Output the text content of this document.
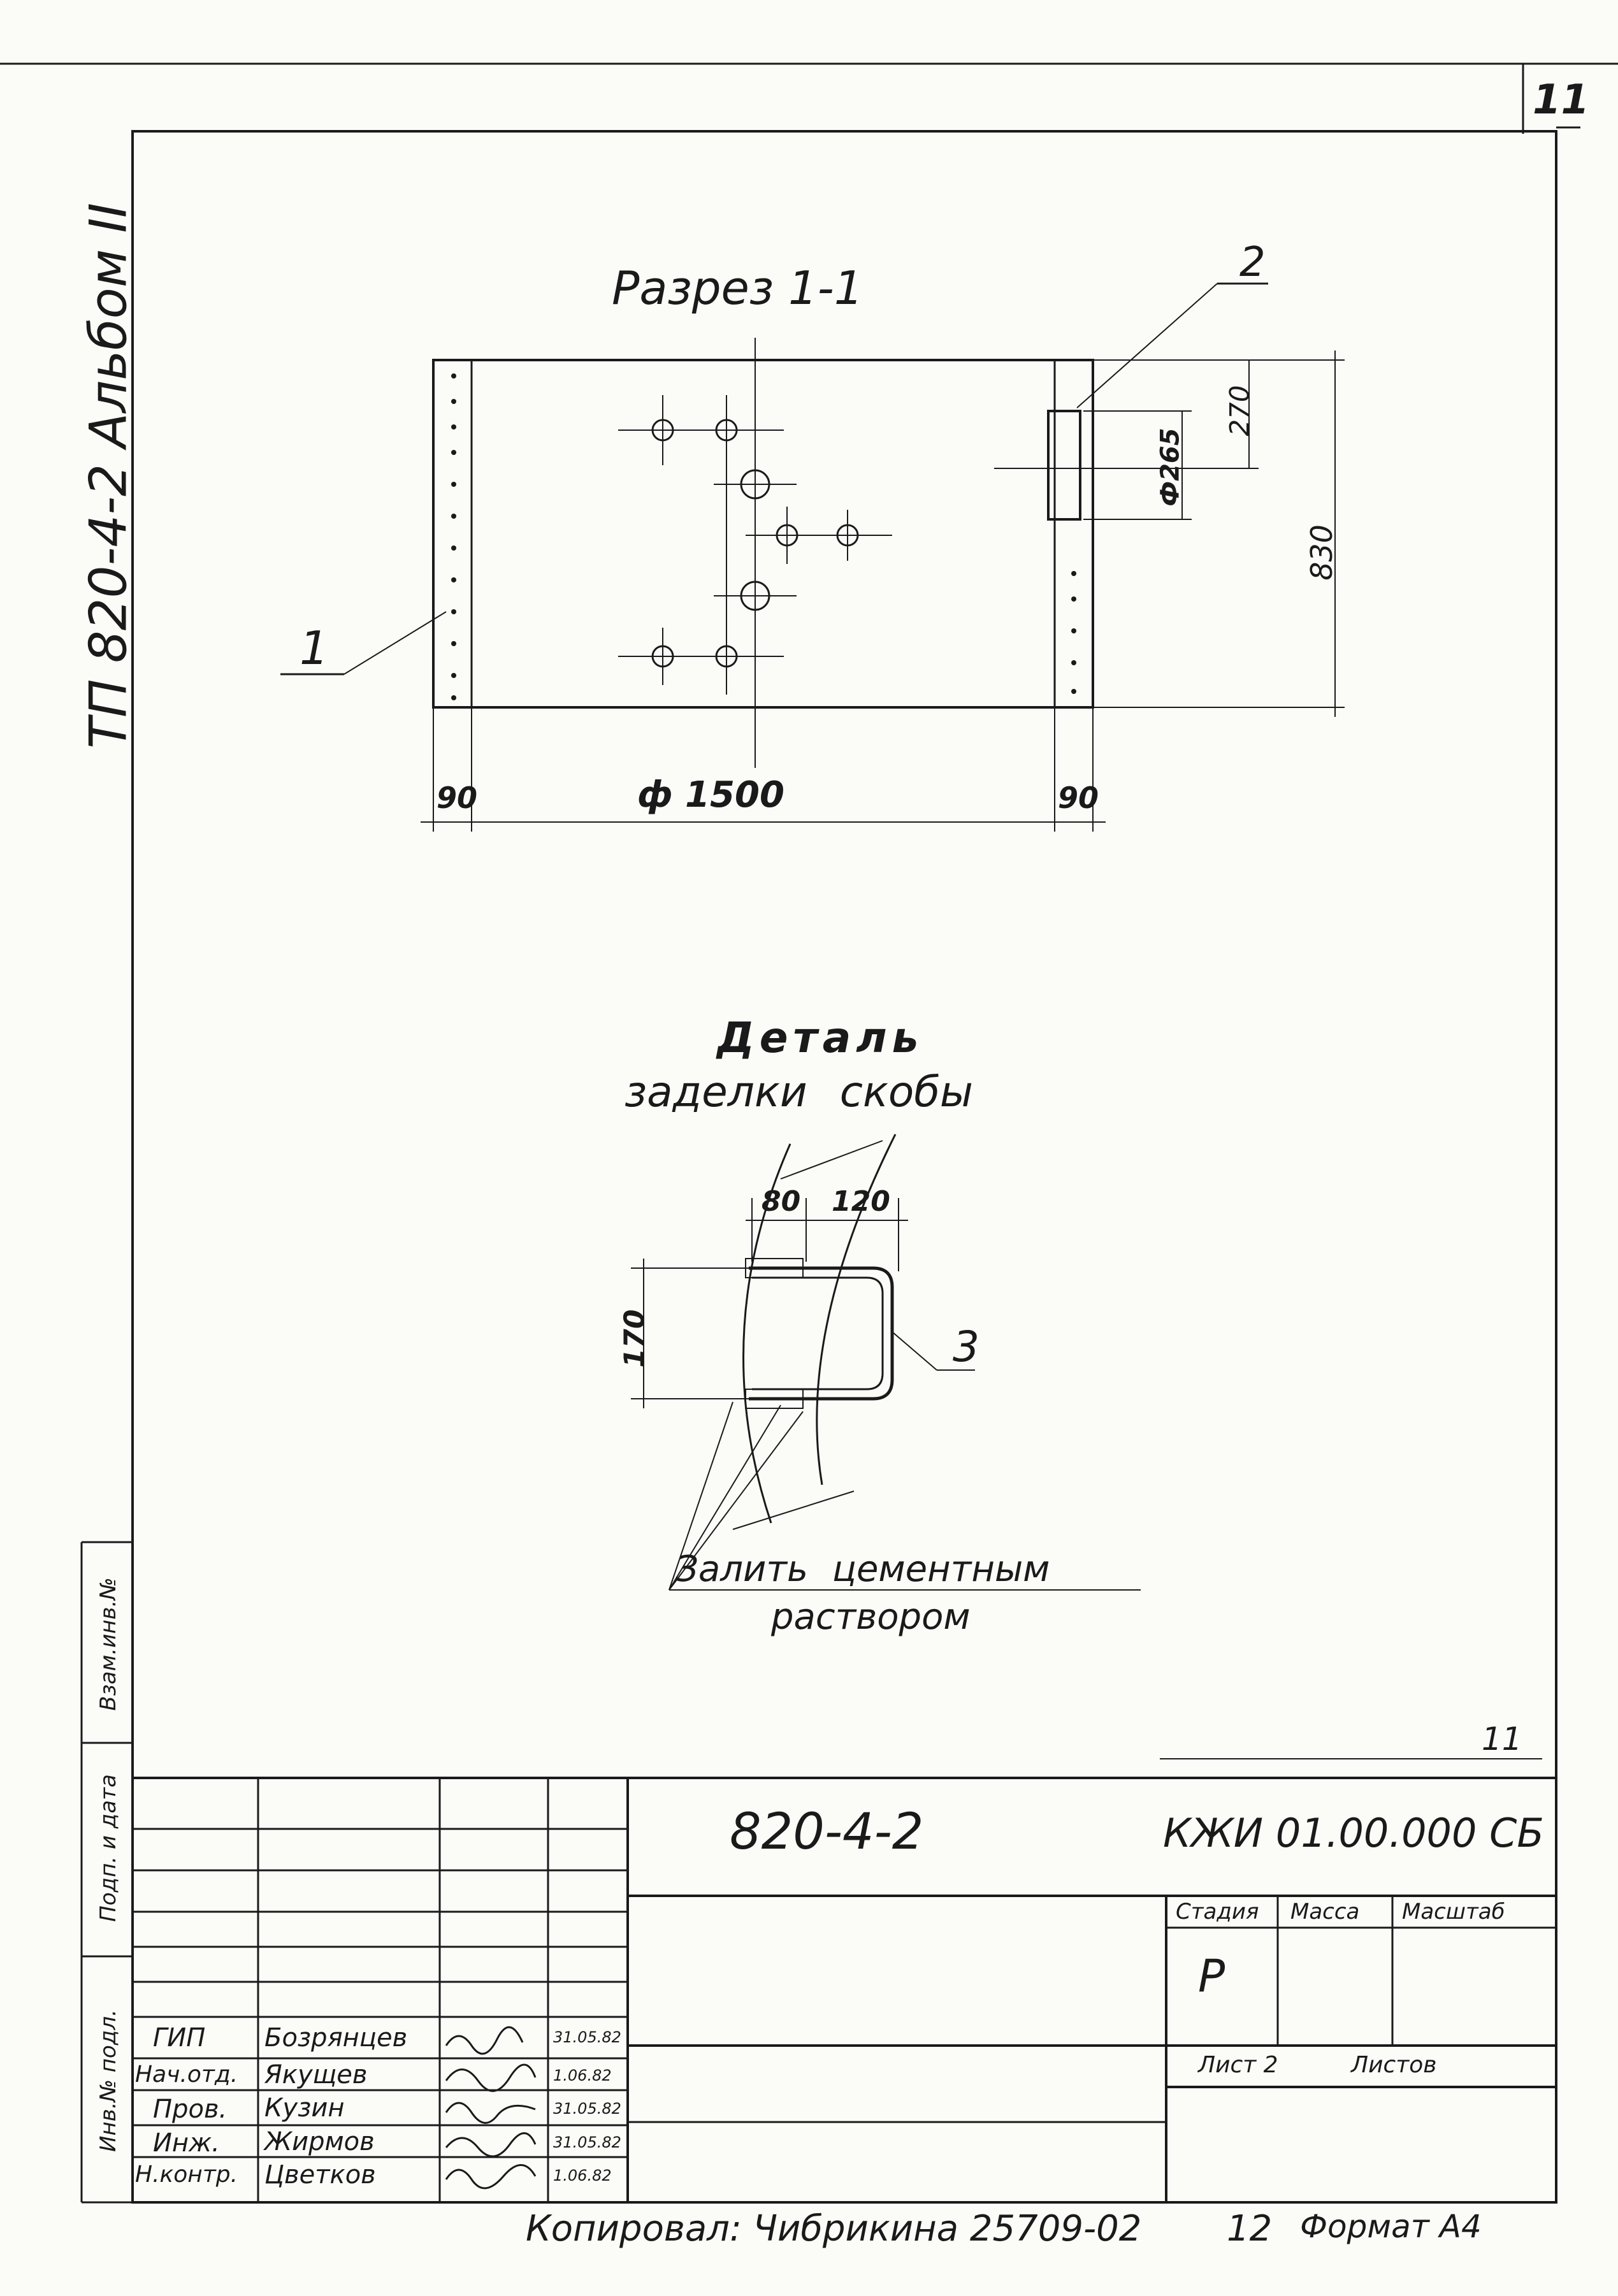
11
ТП 820-4-2 Альбом II
Инв.№ подл.
Подп. и дата
Взам.инв.№
Разрез 1-1
1
2
90	ф 1500	90
830
270
Ф265
Деталь
заделки скобы
80 120
170	3
Залить цементным
раствором
11
820-4-2	КЖИ 01.00.000 СБ
Стадия Масса Масштаб
Р
Лист 2	Листов
ГИП Бозрянцев	31.05.82
Нач.отд. Якущев	1.06.82
Пров. Кузин	31.05.82
Инж. Жирмов	31.05.82
Н.контр. Цветков	1.06.82
Копировал: Чибрикина 25709-02 12 Формат А4
